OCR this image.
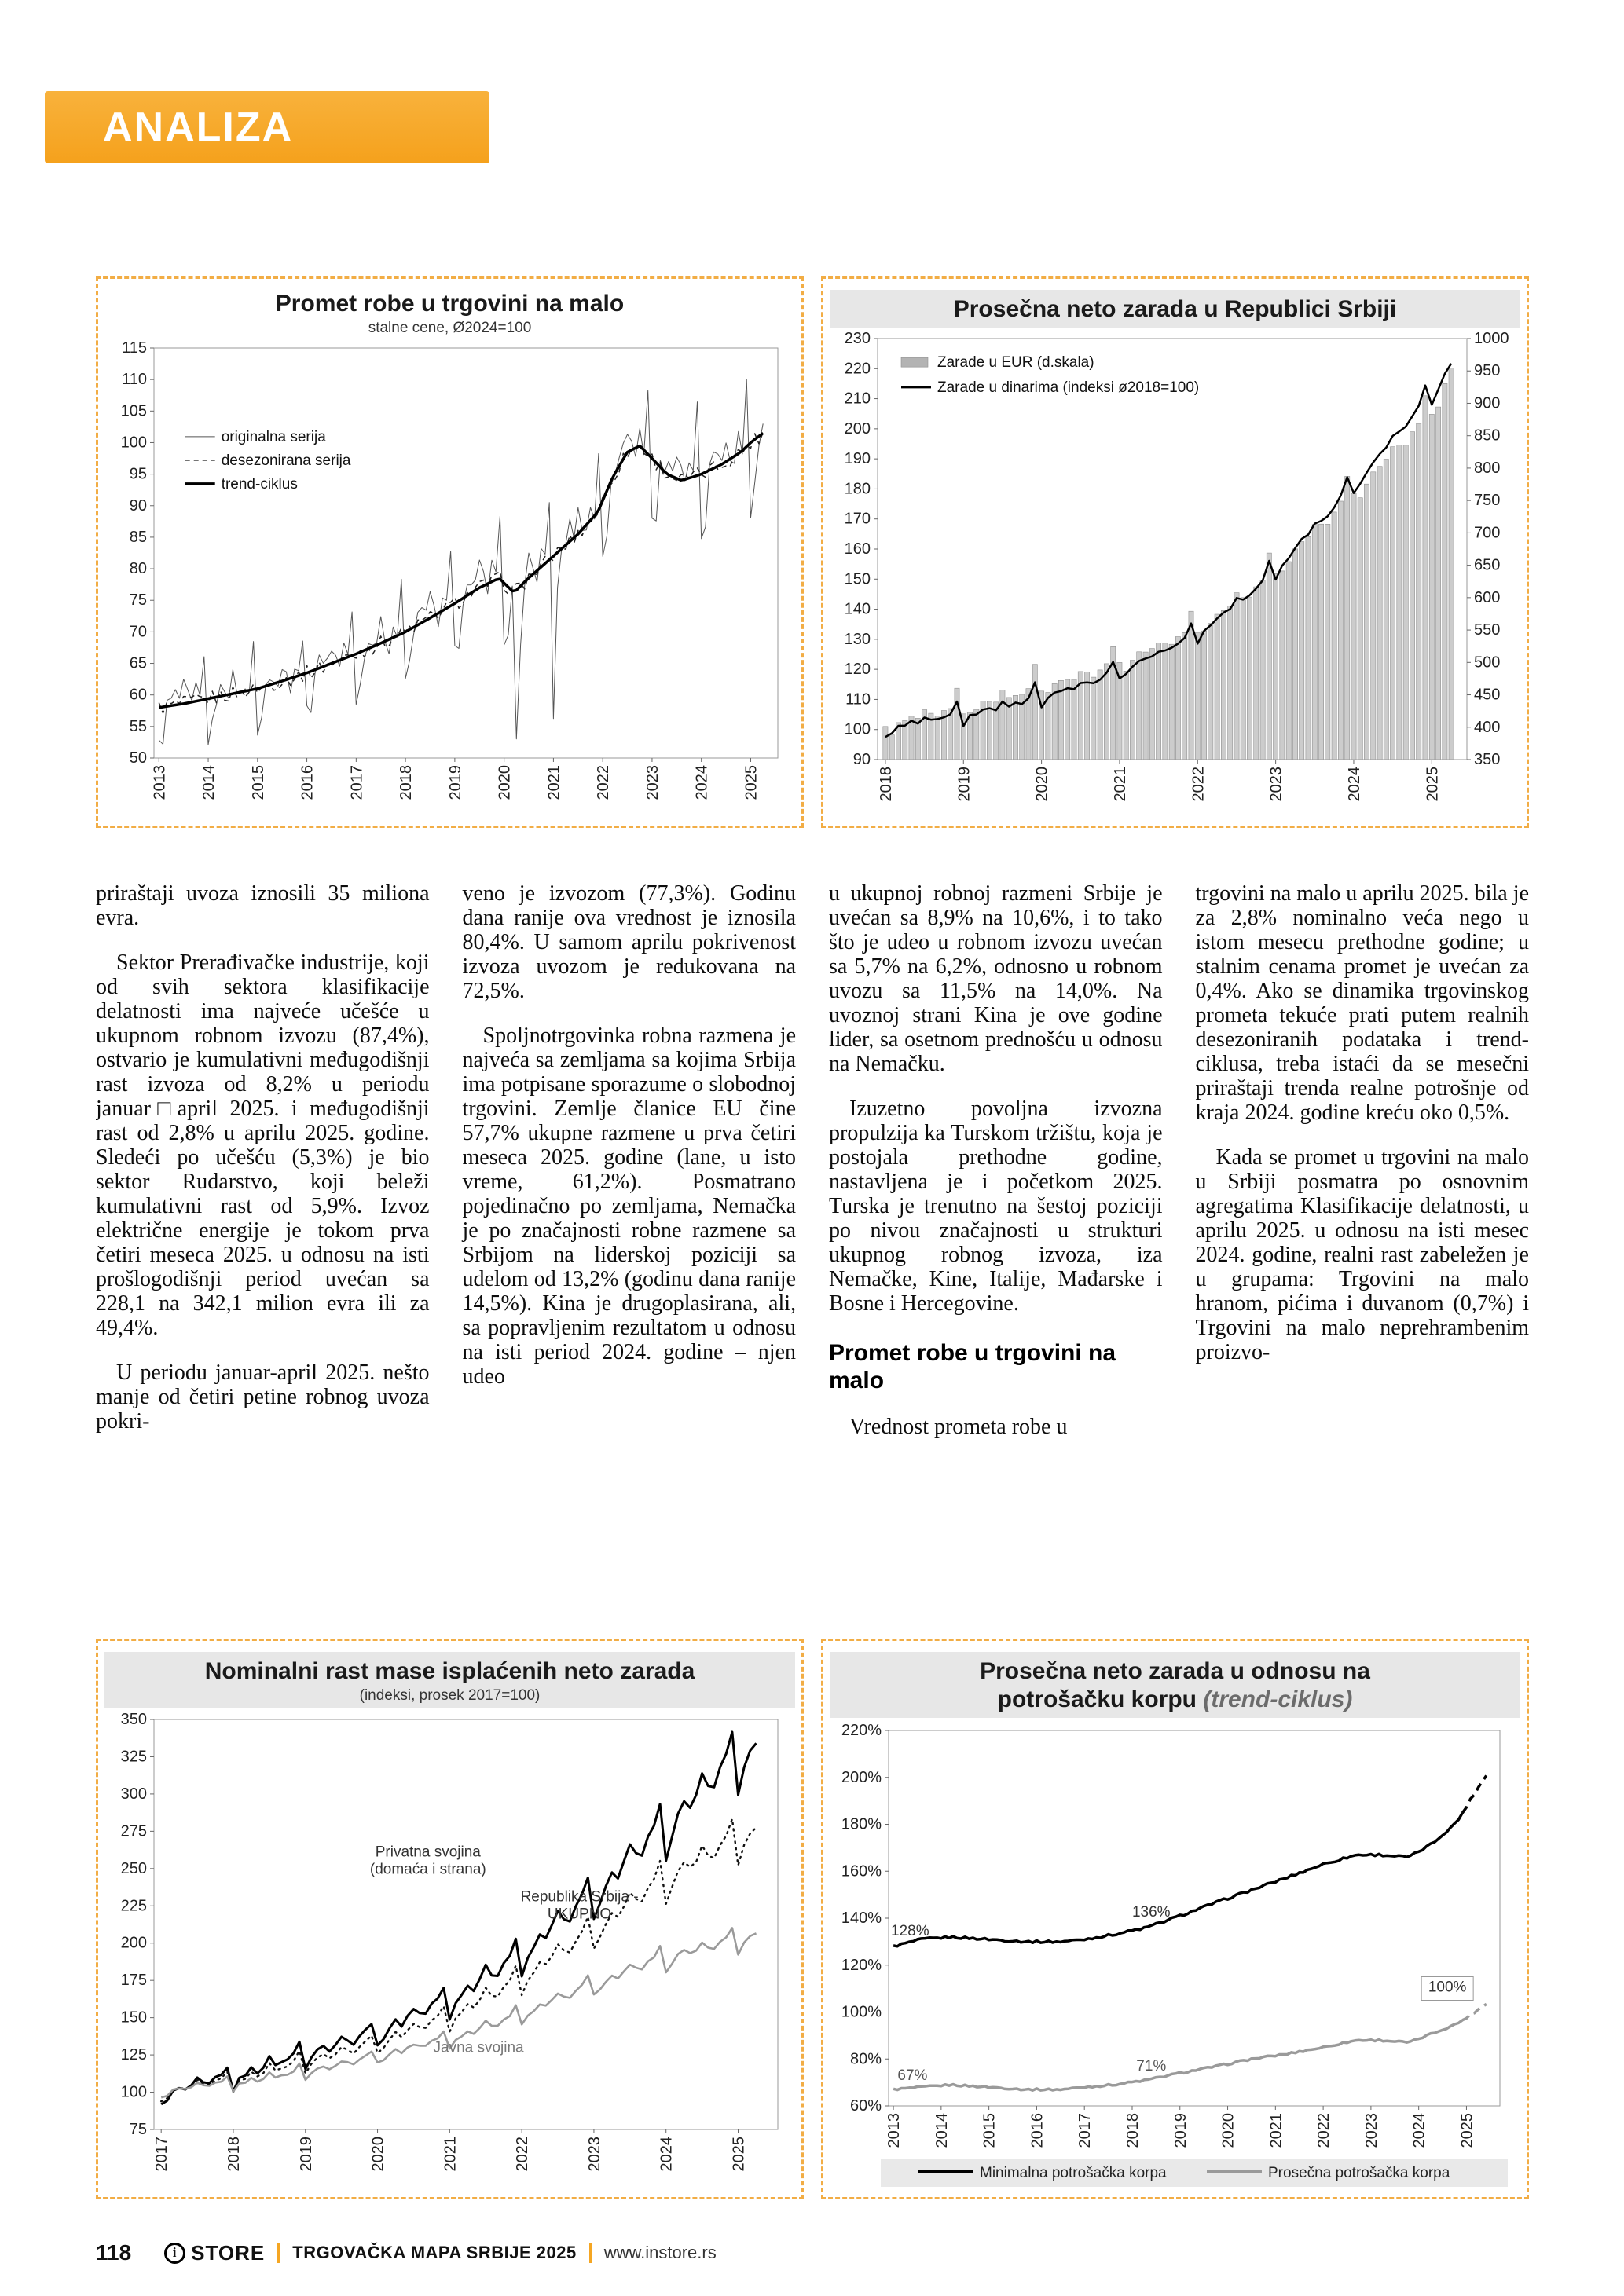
ANALIZA
Promet robe u trgovini na malo
stalne cene, Ø2024=100
50
55
60
65
70
75
80
85
90
95
100
105
110
115
2013 2014 2015 2016 2017 2018 2019 2020 2021 2022 2023 2024 2025
originalna serija
desezonirana serija
trend-ciklus
Prosečna neto zarada u Republici Srbiji
90
100
110
120
130
140
150
160
170
180
190
200
210
220
230
350
400
450
500
550
600
650
700
750
800
850
900
950
1000
2018	2019	2020	2021	2022	2023	2024	2025
Zarade u EUR (d.skala)
Zarade u dinarima (indeksi ø2018=100)

priraštaji uvoza iznosili 35 miliona evra.

Sektor Prerađivačke industrije, koji od svih sektora klasifikacije delatnosti ima najveće učešće u ukupnom robnom izvozu (87,4%), ostvario je kumulativni međugodišnji rast izvoza od 8,2% u periodu januar□april 2025. i međugodišnji rast od 2,8% u aprilu 2025. godine. Sledeći po učešću (5,3%) je bio sektor Rudarstvo, koji beleži kumulativni rast od 5,9%. Izvoz električne energije je tokom prva četiri meseca 2025. u odnosu na isti prošlogodišnji period uvećan sa 228,1 na 342,1 milion evra ili za 49,4%.

U periodu januar-april 2025. nešto manje od četiri petine robnog uvoza pokri-

veno je izvozom (77,3%). Godinu dana ranije ova vrednost je iznosila 80,4%. U samom aprilu pokrivenost izvoza uvozom je redukovana na 72,5%.

Spoljnotrgovinka robna razmena je najveća sa zemljama sa kojima Srbija ima potpisane sporazume o slobodnoj trgovini. Zemlje članice EU čine 57,7% ukupne razmene u prva četiri meseca 2025. godine (lane, u isto vreme, 61,2%). Posmatrano pojedinačno po zemljama, Nemačka je po značajnosti robne razmene sa Srbijom na liderskoj poziciji sa udelom od 13,2% (godinu dana ranije 14,5%). Kina je drugoplasirana, ali, sa popravljenim rezultatom u odnosu na isti period 2024. godine – njen udeo

u ukupnoj robnoj razmeni Srbije je uvećan sa 8,9% na 10,6%, i to tako što je udeo u robnom izvozu uvećan sa 5,7% na 6,2%, odnosno u robnom uvozu sa 11,5% na 14,0%. Na uvoznoj strani Kina je ove godine lider, sa osetnom prednošću u odnosu na Nemačku.

Izuzetno povoljna izvozna propulzija ka Turskom tržištu, koja je postojala prethodne godine, nastavljena je i početkom 2025. Turska je trenutno na šestoj poziciji po nivou značajnosti u strukturi ukupnog robnog izvoza, iza Nemačke, Kine, Italije, Mađarske i Bosne i Hercegovine.

Promet robe u trgovini na malo

Vrednost prometa robe u

trgovini na malo u aprilu 2025. bila je za 2,8% nominalno veća nego u istom mesecu prethodne godine; u stalnim cenama promet je uvećan za 0,4%. Ako se dinamika trgovinskog prometa tekuće prati putem realnih desezoniranih podataka i trend-ciklusa, treba istaći da se mesečni priraštaji trenda realne potrošnje od kraja 2024. godine kreću oko 0,5%.

Kada se promet u trgovini na malo u Srbiji posmatra po osnovnim agregatima Klasifikacije delatnosti, u aprilu 2025. u odnosu na isti mesec 2024. godine, realni rast zabeležen je u grupama: Trgovini na malo hranom, pićima i duvanom (0,7%) i Trgovini na malo neprehrambenim proizvo-

Nominalni rast mase isplaćenih neto zarada
(indeksi, prosek 2017=100)
75
100
125
150
175
200
225
250
275
300
325
350
2017	2018	2019	2020	2021	2022	2023	2024	2025
Privatna svojina
(domaća i strana)
Republika Srbija -
UKUPNO
Javna svojina
Prosečna neto zarada u odnosu na
potrošačku korpu (trend-ciklus)
60%
80%
100%
120%
140%
160%
180%
200%
220%
2013 2014 2015 2016 2017 2018 2019 2020 2021 2022 2023 2024 2025
Minimalna potrošačka korpa	Prosečna potrošačka korpa
128%
136%
67%
71%
100%
118	i STORE TRGOVAČKA MAPA SRBIJE 2025 www.instore.rs
